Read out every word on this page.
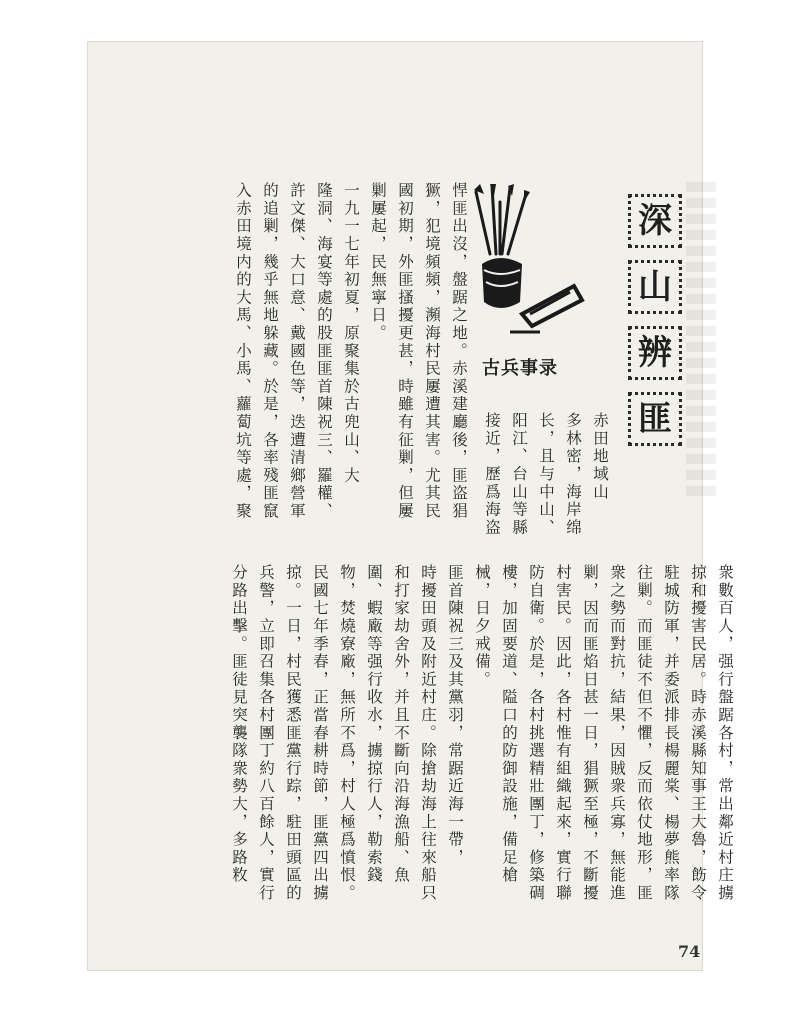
深
山
辨
匪
古兵事录
赤田地域山
多林密，海岸绵
长，且与中山、
阳江、台山等縣
接近，歷爲海盗
悍匪出沒，盤踞之地。赤溪建廳後，匪盗猖
獗，犯境頻頻，瀕海村民屢遭其害。尤其民
國初期，外匪搔擾更甚，時雖有征剿，但屢
剿屢起，民無寧日。
一九一七年初夏，原聚集於古兜山、大
隆洞、海宴等處的股匪匪首陳祝三、羅權、
許文傑、大口意、戴國色等，迭遭清鄉營軍
的追剿，幾乎無地躲藏。於是，各率殘匪竄
入赤田境内的大馬、小馬、蘿蔔坑等處，聚
衆數百人，强行盤踞各村，常出鄰近村庄擄
掠和擾害民居。時赤溪縣知事王大魯，飭令
駐城防軍，并委派排長楊麗棠、楊夢熊率隊
往剿。而匪徒不但不懼，反而依仗地形，匪
衆之勢而對抗，結果，因賊衆兵寡，無能進
剿，因而匪焰日甚一日，猖獗至極，不斷擾
村害民。因此，各村惟有組織起來，實行聯
防自衛。於是，各村挑選精壯團丁，修築碉
樓，加固要道、隘口的防御設施，備足槍
械，日夕戒備。
匪首陳祝三及其黨羽，常踞近海一帶，
時擾田頭及附近村庄。除搶劫海上往來船只
和打家劫舍外，并且不斷向沿海漁船、魚
圍、蝦廠等强行收水，擄掠行人，勒索錢
物，焚燒寮廠，無所不爲，村人極爲憤恨。
民國七年季春，正當春耕時節，匪黨四出擄
掠。一日，村民獲悉匪黨行踪，駐田頭區的
兵警，立即召集各村團丁約八百餘人，實行
分路出擊。匪徒見突襲隊衆勢大，多路敉
74
